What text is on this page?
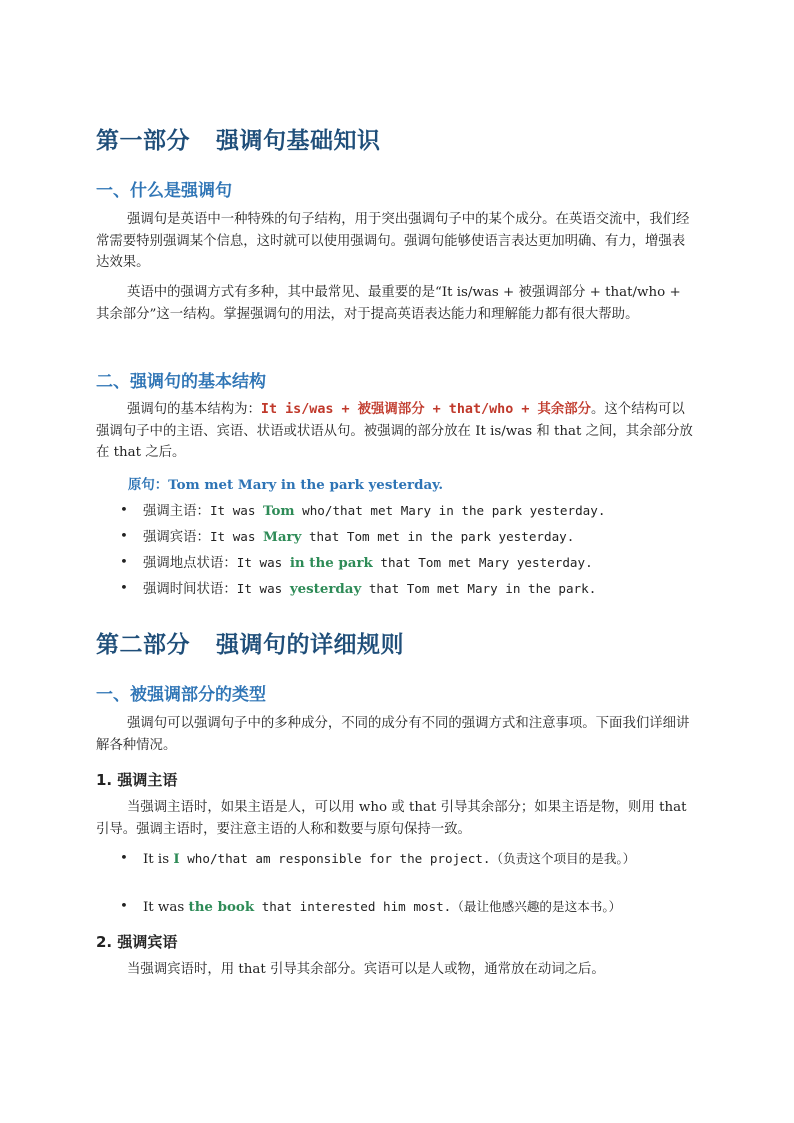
第一部分 强调句基础知识
一、什么是强调句
强调句是英语中一种特殊的句子结构，用于突出强调句子中的某个成分。在英语交流中，我们经常需要特别强调某个信息，这时就可以使用强调句。强调句能够使语言表达更加明确、有力，增强表达效果。
英语中的强调方式有多种，其中最常见、最重要的是“It is/was + 被强调部分 + that/who + 其余部分”这一结构。掌握强调句的用法，对于提高英语表达能力和理解能力都有很大帮助。
二、强调句的基本结构
强调句的基本结构为：It is/was + 被强调部分 + that/who + 其余部分。这个结构可以强调句子中的主语、宾语、状语或状语从句。被强调的部分放在 It is/was 和 that 之间，其余部分放在 that 之后。
原句：Tom met Mary in the park yesterday.
• 强调主语：It was Tom who/that met Mary in the park yesterday.
• 强调宾语：It was Mary that Tom met in the park yesterday.
• 强调地点状语：It was in the park that Tom met Mary yesterday.
• 强调时间状语：It was yesterday that Tom met Mary in the park.
第二部分 强调句的详细规则
一、被强调部分的类型
强调句可以强调句子中的多种成分，不同的成分有不同的强调方式和注意事项。下面我们详细讲解各种情况。
1. 强调主语
当强调主语时，如果主语是人，可以用 who 或 that 引导其余部分；如果主语是物，则用 that 引导。强调主语时，要注意主语的人称和数要与原句保持一致。
• It is I who/that am responsible for the project.（负责这个项目的是我。）
• It was the book that interested him most.（最让他感兴趣的是这本书。）
2. 强调宾语
当强调宾语时，用 that 引导其余部分。宾语可以是人或物，通常放在动词之后。
